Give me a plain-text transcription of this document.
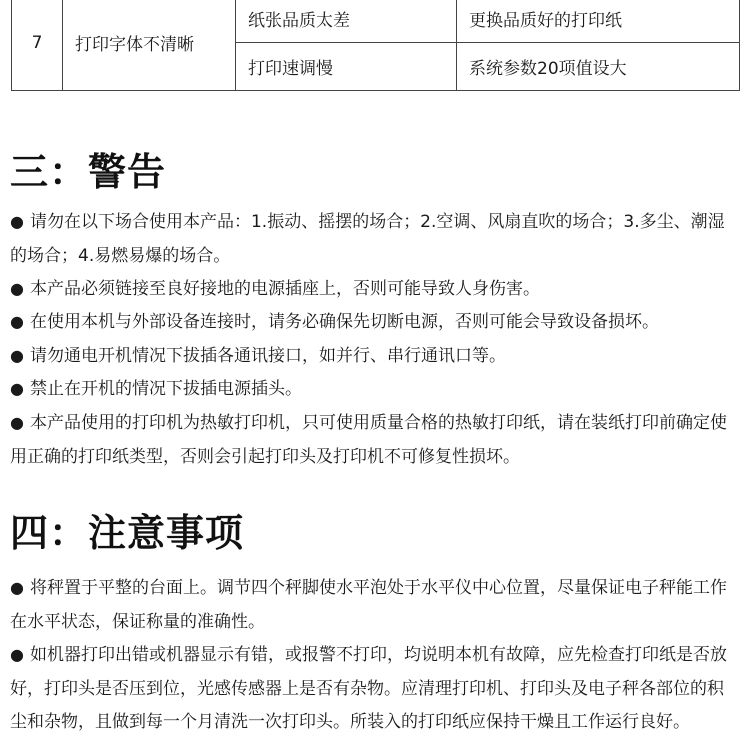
7	打印字体不清晰	纸张品质太差	更换品质好的打印纸
		打印速调慢	系统参数20项值设大
三：警告

● 请勿在以下场合使用本产品：1.振动、摇摆的场合；2.空调、风扇直吹的场合；3.多尘、潮湿的场合；4.易燃易爆的场合。

● 本产品必须链接至良好接地的电源插座上，否则可能导致人身伤害。

● 在使用本机与外部设备连接时，请务必确保先切断电源，否则可能会导致设备损坏。

● 请勿通电开机情况下拔插各通讯接口，如并行、串行通讯口等。

● 禁止在开机的情况下拔插电源插头。

● 本产品使用的打印机为热敏打印机，只可使用质量合格的热敏打印纸，请在装纸打印前确定使用正确的打印纸类型，否则会引起打印头及打印机不可修复性损坏。

四：注意事项

● 将秤置于平整的台面上。调节四个秤脚使水平泡处于水平仪中心位置，尽量保证电子秤能工作在水平状态，保证称量的准确性。

● 如机器打印出错或机器显示有错，或报警不打印，均说明本机有故障，应先检查打印纸是否放好，打印头是否压到位，光感传感器上是否有杂物。应清理打印机、打印头及电子秤各部位的积尘和杂物，且做到每一个月清洗一次打印头。所装入的打印纸应保持干燥且工作运行良好。
